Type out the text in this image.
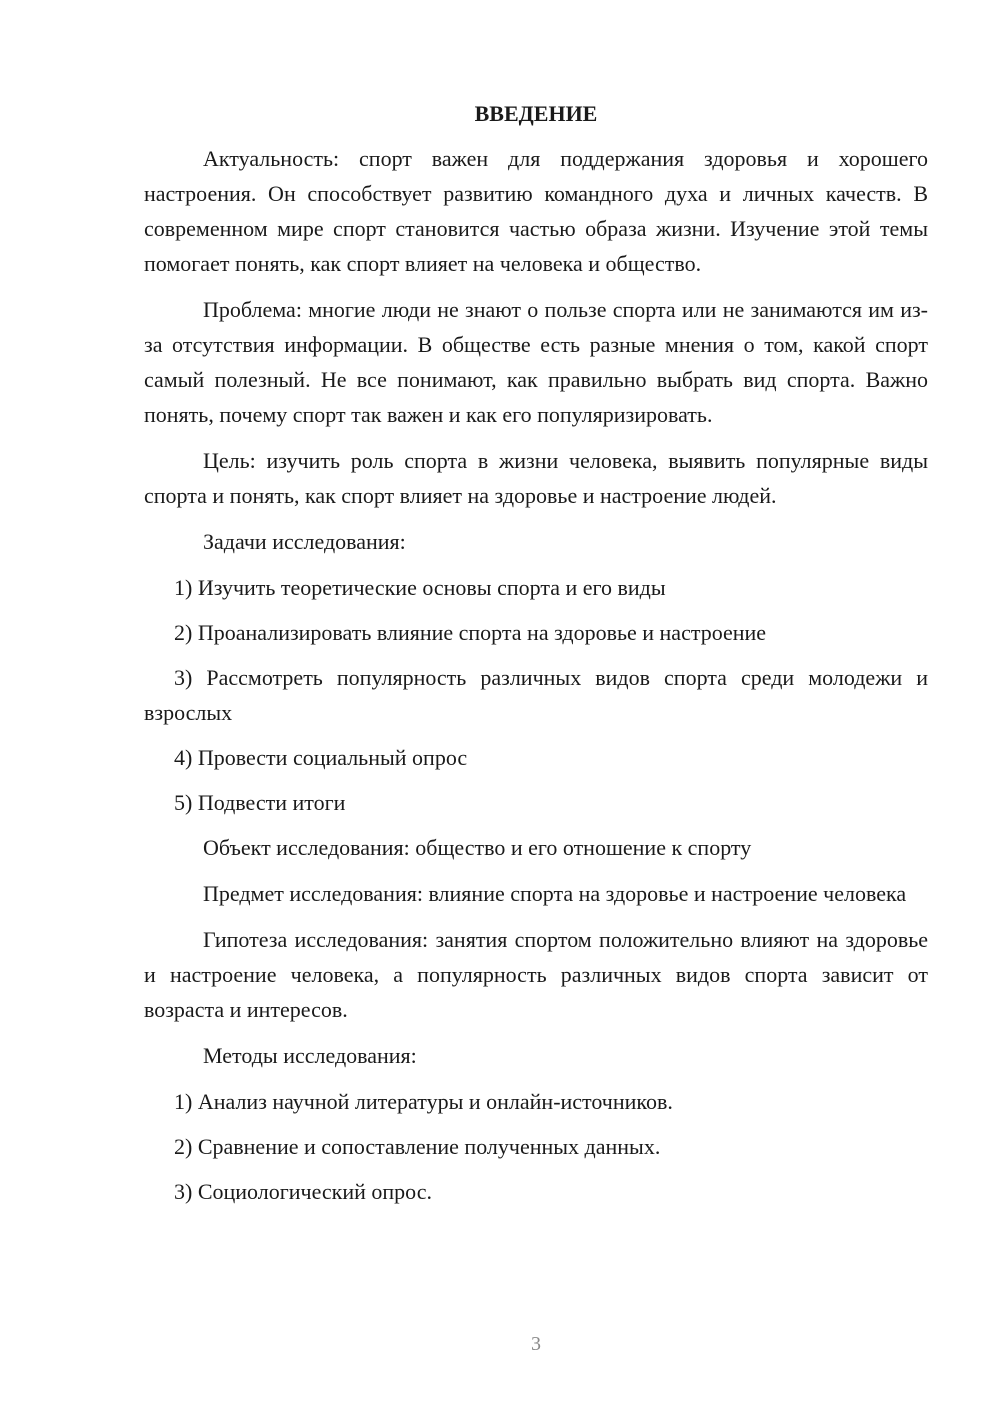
ВВЕДЕНИЕ

Актуальность: спорт важен для поддержания здоровья и хорошего настроения. Он способствует развитию командного духа и личных качеств. В современном мире спорт становится частью образа жизни. Изучение этой темы помогает понять, как спорт влияет на человека и общество.

Проблема: многие люди не знают о пользе спорта или не занимаются им из-за отсутствия информации. В обществе есть разные мнения о том, какой спорт самый полезный. Не все понимают, как правильно выбрать вид спорта. Важно понять, почему спорт так важен и как его популяризировать.

Цель: изучить роль спорта в жизни человека, выявить популярные виды спорта и понять, как спорт влияет на здоровье и настроение людей.

Задачи исследования:

1) Изучить теоретические основы спорта и его виды

2) Проанализировать влияние спорта на здоровье и настроение

3) Рассмотреть популярность различных видов спорта среди молодежи и взрослых

4) Провести социальный опрос

5) Подвести итоги

Объект исследования: общество и его отношение к спорту

Предмет исследования: влияние спорта на здоровье и настроение человека

Гипотеза исследования: занятия спортом положительно влияют на здоровье и настроение человека, а популярность различных видов спорта зависит от возраста и интересов.

Методы исследования:

1) Анализ научной литературы и онлайн-источников.

2) Сравнение и сопоставление полученных данных.

3) Социологический опрос.

3
